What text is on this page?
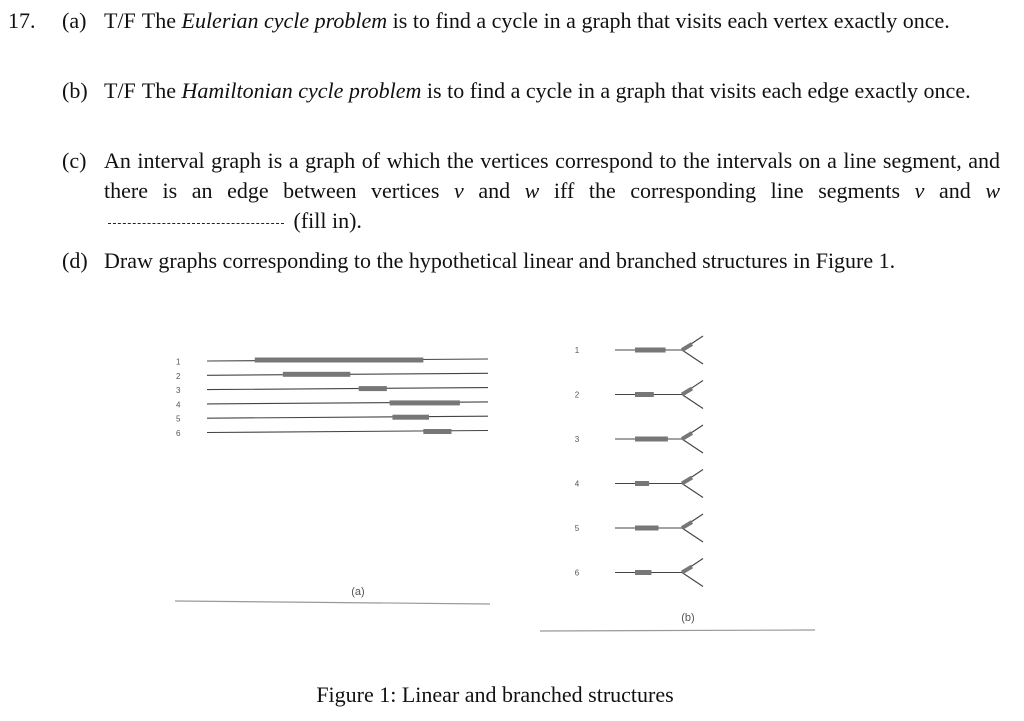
17. (a) T/F The Eulerian cycle problem is to find a cycle in a graph that visits each vertex exactly once.
(b) T/F The Hamiltonian cycle problem is to find a cycle in a graph that visits each edge exactly once.
(c) An interval graph is a graph of which the vertices correspond to the intervals on a line segment, and there is an edge between vertices v and w iff the corresponding line segments v and w (fill in).
(d) Draw graphs corresponding to the hypothetical linear and branched structures in Figure 1.
1
2
3
4
5
6
1
2
3
4
5
6
(a)
(b)
Figure 1: Linear and branched structures
